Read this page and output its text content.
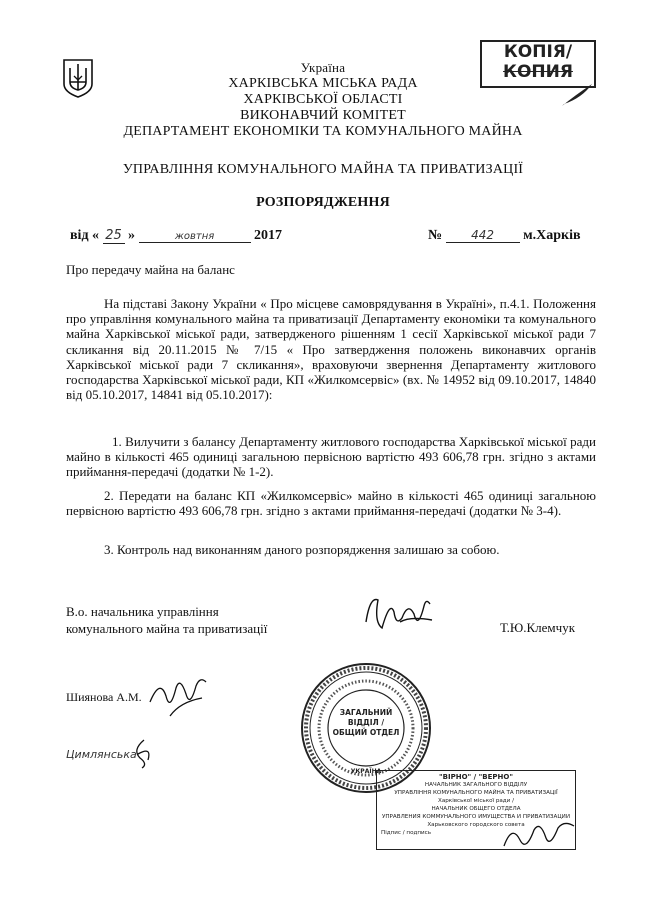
КОПІЯ/
КОПИЯ
Україна
ХАРКІВСЬКА МІСЬКА РАДА
ХАРКІВСЬКОЇ ОБЛАСТІ
ВИКОНАВЧИЙ КОМІТЕТ
ДЕПАРТАМЕНТ ЕКОНОМІКИ ТА КОМУНАЛЬНОГО МАЙНА
УПРАВЛІННЯ КОМУНАЛЬНОГО МАЙНА ТА ПРИВАТИЗАЦІЇ
РОЗПОРЯДЖЕННЯ
від « 25 »	жовтня	2017	№ 442 м.Харків
Про передачу майна на баланс
На підставі Закону України « Про місцеве самоврядування в Україні», п.4.1. Положення про управління комунального майна та приватизації Департаменту економіки та комунального майна Харківської міської ради, затвердженого рішенням 1 сесії Харківської міської ради 7 скликання від 20.11.2015 № 7/15 « Про затвердження положень виконавчих органів Харківської міської ради 7 скликання», враховуючи звернення Департаменту житлового господарства Харківської міської ради, КП «Жилкомсервіс» (вх. № 14952 від 09.10.2017, 14840 від 05.10.2017, 14841 від 05.10.2017):
1. Вилучити з балансу Департаменту житлового господарства Харківської міської ради майно в кількості 465 одиниці загальною первісною вартістю 493 606,78 грн. згідно з актами приймання-передачі (додатки № 1-2).
2. Передати на баланс КП «Жилкомсервіс» майно в кількості 465 одиниці загальною первісною вартістю 493 606,78 грн. згідно з актами приймання-передачі (додатки № 3-4).
3. Контроль над виконанням даного розпорядження залишаю за собою.
В.о. начальника управління
комунального майна та приватизації	Т.Ю.Клемчук
Шиянова А.М.
Цимлянська
ЗАГАЛЬНИЙ
ВІДДІЛ /
ОБЩИЙ ОТДЕЛ
УКРАЇНА
"ВІРНО" / "ВЕРНО"
НАЧАЛЬНИК ЗАГАЛЬНОГО ВІДДІЛУ
УПРАВЛІННЯ КОМУНАЛЬНОГО МАЙНА ТА ПРИВАТИЗАЦІЇ
Харківської міської ради /
НАЧАЛЬНИК ОБЩЕГО ОТДЕЛА
УПРАВЛЕНИЯ КОММУНАЛЬНОГО ИМУЩЕСТВА И ПРИВАТИЗАЦИИ
Харьковского городского совета
Підпис / подпись
